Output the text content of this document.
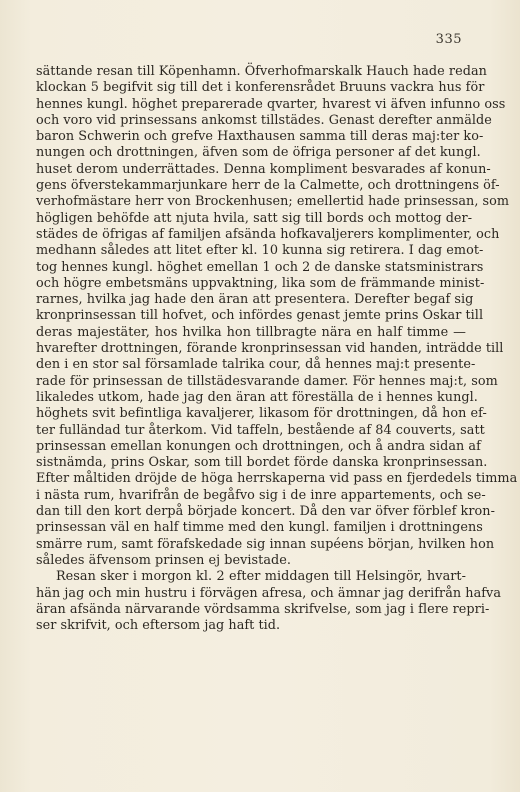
335
sättande resan till Köpenhamn. Öfverhofmarskalk Hauch hade redan
klockan 5 begifvit sig till det i konferensrådet Bruuns vackra hus för
hennes kungl. höghet preparerade qvarter, hvarest vi äfven infunno oss
och voro vid prinsessans ankomst tillstädes. Genast derefter anmälde
baron Schwerin och grefve Haxthausen samma till deras maj:ter ko-
nungen och drottningen, äfven som de öfriga personer af det kungl.
huset derom underrättades. Denna kompliment besvarades af konun-
gens öfverstekammarjunkare herr de la Calmette, och drottningens öf-
verhofmästare herr von Brockenhusen; emellertid hade prinsessan, som
högligen behöfde att njuta hvila, satt sig till bords och mottog der-
städes de öfrigas af familjen afsända hofkavaljerers komplimenter, och
medhann således att litet efter kl. 10 kunna sig retirera. I dag emot-
tog hennes kungl. höghet emellan 1 och 2 de danske statsministrars
och högre embetsmäns uppvaktning, lika som de främmande minist-
rarnes, hvilka jag hade den äran att presentera. Derefter begaf sig
kronprinsessan till hofvet, och infördes genast jemte prins Oskar till
deras majestäter, hos hvilka hon tillbragte nära en half timme —
hvarefter drottningen, förande kronprinsessan vid handen, inträdde till
den i en stor sal församlade talrika cour, då hennes maj:t presente-
rade för prinsessan de tillstädesvarande damer. För hennes maj:t, som
likaledes utkom, hade jag den äran att föreställa de i hennes kungl.
höghets svit befintliga kavaljerer, likasom för drottningen, då hon ef-
ter fulländad tur återkom. Vid taffeln, bestående af 84 couverts, satt
prinsessan emellan konungen och drottningen, och å andra sidan af
sistnämda, prins Oskar, som till bordet förde danska kronprinsessan.
Efter måltiden dröjde de höga herrskaperna vid pass en fjerdedels timma
i nästa rum, hvarifrån de begåfvo sig i de inre appartements, och se-
dan till den kort derpå började koncert. Då den var öfver förblef kron-
prinsessan väl en half timme med den kungl. familjen i drottningens
smärre rum, samt förafskedade sig innan supéens början, hvilken hon
således äfvensom prinsen ej bevistade.
Resan sker i morgon kl. 2 efter middagen till Helsingör, hvart-
hän jag och min hustru i förvägen afresa, och ämnar jag derifrån hafva
äran afsända närvarande vördsamma skrifvelse, som jag i flere repri-
ser skrifvit, och eftersom jag haft tid.
